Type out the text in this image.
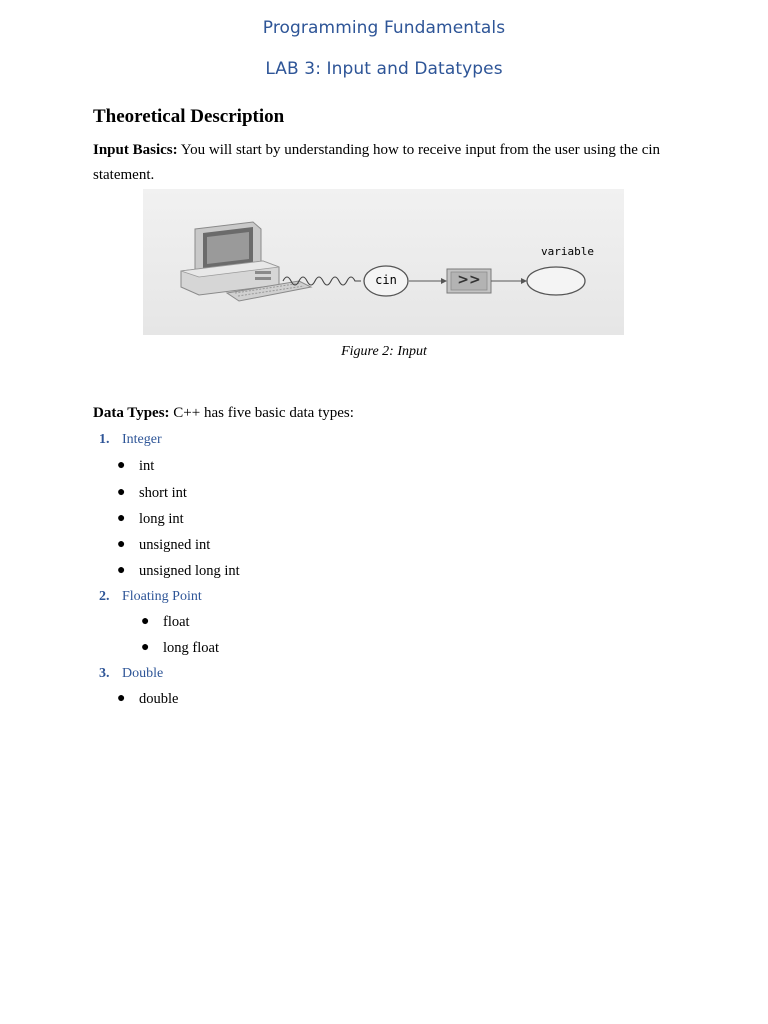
Programming Fundamentals
LAB 3: Input and Datatypes
Theoretical Description
Input Basics: You will start by understanding how to receive input from the user using the cin statement.
cin	>>
variable
Figure 2: Input
Data Types: C++ has five basic data types:
1. Integer
● int
● short int
● long int
● unsigned int
● unsigned long int
2. Floating Point
● float
● long float
3. Double
● double
